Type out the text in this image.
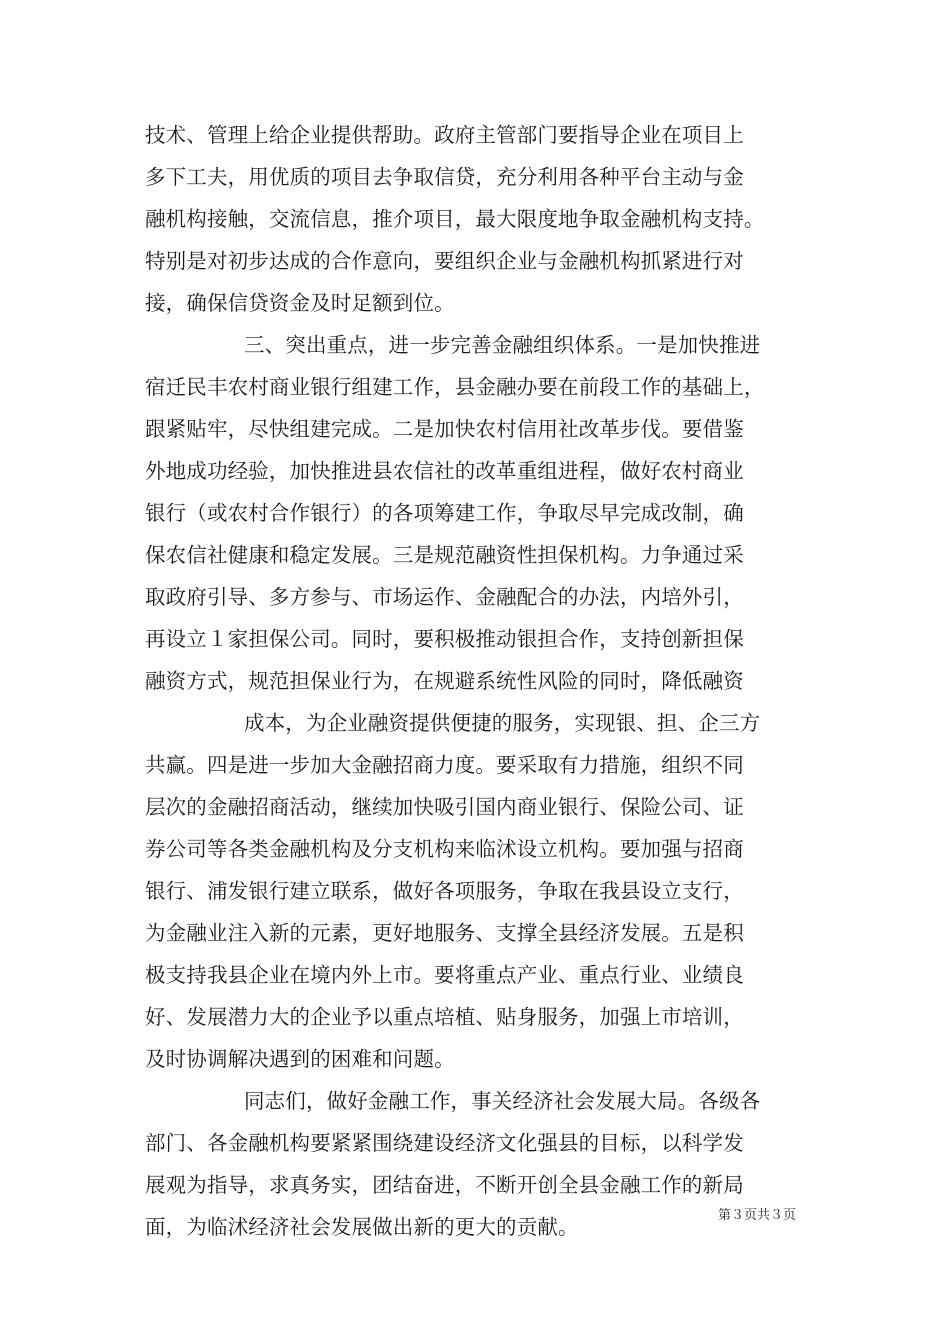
技术、管理上给企业提供帮助。政府主管部门要指导企业在项目上
多下工夫，用优质的项目去争取信贷，充分利用各种平台主动与金
融机构接触，交流信息，推介项目，最大限度地争取金融机构支持。
特别是对初步达成的合作意向，要组织企业与金融机构抓紧进行对
接，确保信贷资金及时足额到位。
三、突出重点，进一步完善金融组织体系。一是加快推进
宿迁民丰农村商业银行组建工作，县金融办要在前段工作的基础上，
跟紧贴牢，尽快组建完成。二是加快农村信用社改革步伐。要借鉴
外地成功经验，加快推进县农信社的改革重组进程，做好农村商业
银行（或农村合作银行）的各项筹建工作，争取尽早完成改制，确
保农信社健康和稳定发展。三是规范融资性担保机构。力争通过采
取政府引导、多方参与、市场运作、金融配合的办法，内培外引，
再设立１家担保公司。同时，要积极推动银担合作，支持创新担保
融资方式，规范担保业行为，在规避系统性风险的同时，降低融资
成本，为企业融资提供便捷的服务，实现银、担、企三方
共赢。四是进一步加大金融招商力度。要采取有力措施，组织不同
层次的金融招商活动，继续加快吸引国内商业银行、保险公司、证
券公司等各类金融机构及分支机构来临沭设立机构。要加强与招商
银行、浦发银行建立联系，做好各项服务，争取在我县设立支行，
为金融业注入新的元素，更好地服务、支撑全县经济发展。五是积
极支持我县企业在境内外上市。要将重点产业、重点行业、业绩良
好、发展潜力大的企业予以重点培植、贴身服务，加强上市培训，
及时协调解决遇到的困难和问题。
同志们，做好金融工作，事关经济社会发展大局。各级各
部门、各金融机构要紧紧围绕建设经济文化强县的目标，以科学发
展观为指导，求真务实，团结奋进，不断开创全县金融工作的新局
面，为临沭经济社会发展做出新的更大的贡献。	第３页共３页
